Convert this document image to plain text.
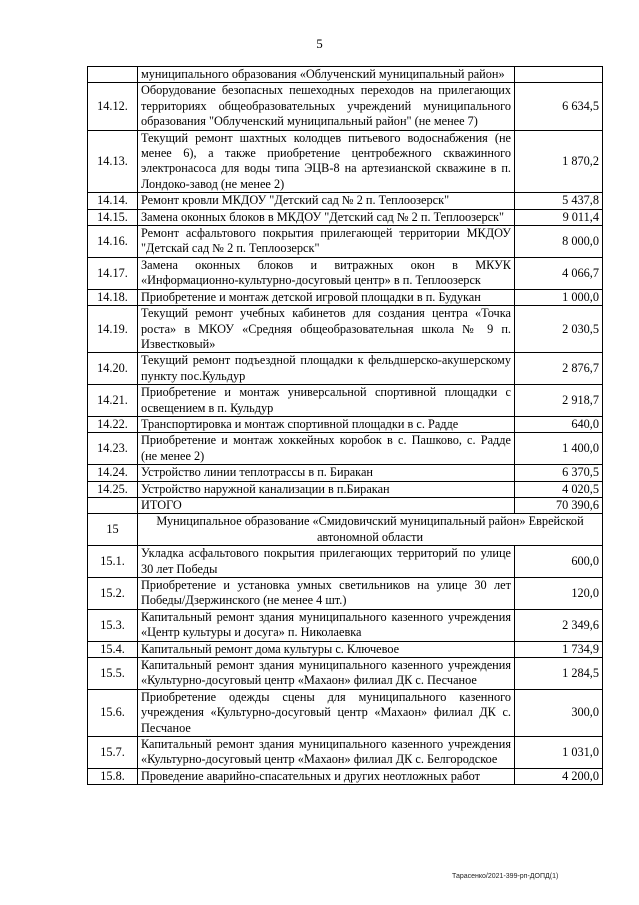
5
	муниципального образования «Облученский муниципальный район»	
14.12.	Оборудование безопасных пешеходных переходов на прилегающих территориях общеобразовательных учреждений муниципального образования "Облученский муниципальный район" (не менее 7)	6 634,5
14.13.	Текущий ремонт шахтных колодцев питьевого водоснабжения (не менее 6), а также приобретение центробежного скважинного электронасоса для воды типа ЭЦВ-8 на артезианской скважине в п. Лондоко-завод (не менее 2)	1 870,2
14.14.	Ремонт кровли МКДОУ "Детский сад № 2 п. Теплоозерск"	5 437,8
14.15.	Замена оконных блоков в МКДОУ "Детский сад № 2 п. Теплоозерск"	9 011,4
14.16.	Ремонт асфальтового покрытия прилегающей территории МКДОУ "Детскай сад № 2 п. Теплоозерск"	8 000,0
14.17.	Замена оконных блоков и витражных окон в МКУК «Информационно-культурно-досуговый центр» в п. Теплоозерск	4 066,7
14.18.	Приобретение и монтаж детской игровой площадки в п. Будукан	1 000,0
14.19.	Текущий ремонт учебных кабинетов для создания центра «Точка роста» в МКОУ «Средняя общеобразовательная школа № 9 п. Известковый»	2 030,5
14.20.	Текущий ремонт подъездной площадки к фельдшерско-акушерскому пункту пос.Кульдур	2 876,7
14.21.	Приобретение и монтаж универсальной спортивной площадки с освещением в п. Кульдур	2 918,7
14.22.	Транспортировка и монтаж спортивной площадки в с. Радде	640,0
14.23.	Приобретение и монтаж хоккейных коробок в с. Пашково, с. Радде (не менее 2)	1 400,0
14.24.	Устройство линии теплотрассы в п. Биракан	6 370,5
14.25.	Устройство наружной канализации в п.Биракан	4 020,5
	ИТОГО	70 390,6
15	Муниципальное образование «Смидовичский муниципальный район» Еврейской автономной области	
15.1.	Укладка асфальтового покрытия прилегающих территорий по улице 30 лет Победы	600,0
15.2.	Приобретение и установка умных светильников на улице 30 лет Победы/Дзержинского (не менее 4 шт.)	120,0
15.3.	Капитальный ремонт здания муниципального казенного учреждения «Центр культуры и досуга» п. Николаевка	2 349,6
15.4.	Капитальный ремонт дома культуры с. Ключевое	1 734,9
15.5.	Капитальный ремонт здания муниципального казенного учреждения «Культурно-досуговый центр «Махаон» филиал ДК с. Песчаное	1 284,5
15.6.	Приобретение одежды сцены для муниципального казенного учреждения «Культурно-досуговый центр «Махаон» филиал ДК с. Песчаное	300,0
15.7.	Капитальный ремонт здания муниципального казенного учреждения «Культурно-досуговый центр «Махаон» филиал ДК с. Белгородское	1 031,0
15.8.	Проведение аварийно-спасательных и других неотложных работ	4 200,0
Тарасенко/2021-399-рп-ДОПД(1)
